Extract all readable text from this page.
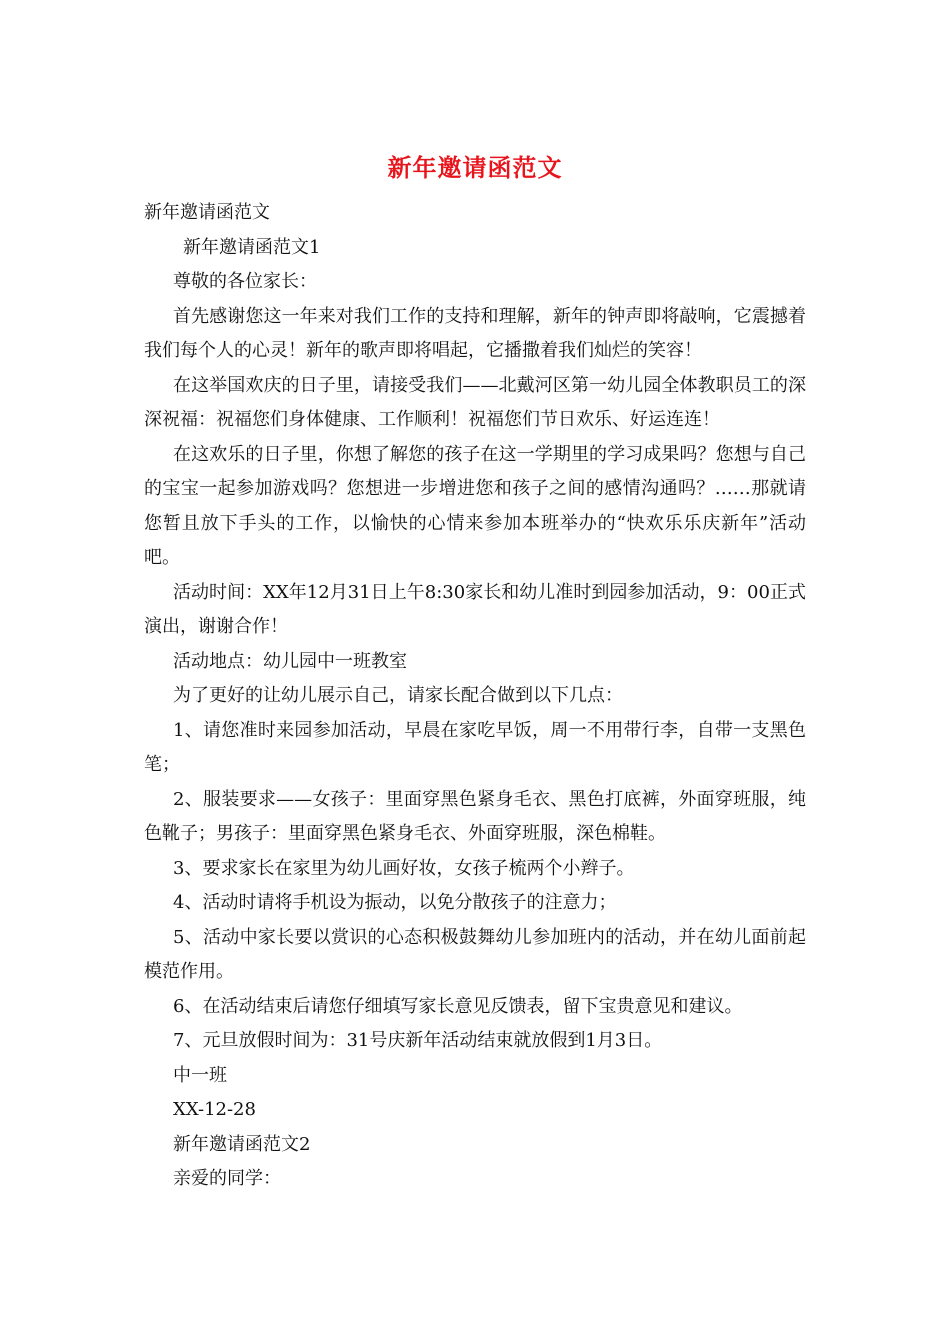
新年邀请函范文

新年邀请函范文

新年邀请函范文1

尊敬的各位家长：

首先感谢您这一年来对我们工作的支持和理解，新年的钟声即将敲响，它震撼着我们每个人的心灵！新年的歌声即将唱起，它播撒着我们灿烂的笑容！

在这举国欢庆的日子里，请接受我们——北戴河区第一幼儿园全体教职员工的深深祝福：祝福您们身体健康、工作顺利！祝福您们节日欢乐、好运连连！

在这欢乐的日子里，你想了解您的孩子在这一学期里的学习成果吗？您想与自己的宝宝一起参加游戏吗？您想进一步增进您和孩子之间的感情沟通吗？……那就请您暂且放下手头的工作，以愉快的心情来参加本班举办的“快欢乐乐庆新年”活动吧。

活动时间：XX年12月31日上午8:30家长和幼儿准时到园参加活动，9：00正式演出，谢谢合作！

活动地点：幼儿园中一班教室

为了更好的让幼儿展示自己，请家长配合做到以下几点：

1、请您准时来园参加活动，早晨在家吃早饭，周一不用带行李，自带一支黑色笔；

2、服装要求——女孩子：里面穿黑色紧身毛衣、黑色打底裤，外面穿班服，纯色靴子；男孩子：里面穿黑色紧身毛衣、外面穿班服，深色棉鞋。

3、要求家长在家里为幼儿画好妆，女孩子梳两个小辫子。

4、活动时请将手机设为振动，以免分散孩子的注意力；

5、活动中家长要以赏识的心态积极鼓舞幼儿参加班内的活动，并在幼儿面前起模范作用。

6、在活动结束后请您仔细填写家长意见反馈表，留下宝贵意见和建议。

7、元旦放假时间为：31号庆新年活动结束就放假到1月3日。

中一班

XX-12-28

新年邀请函范文2

亲爱的同学：
